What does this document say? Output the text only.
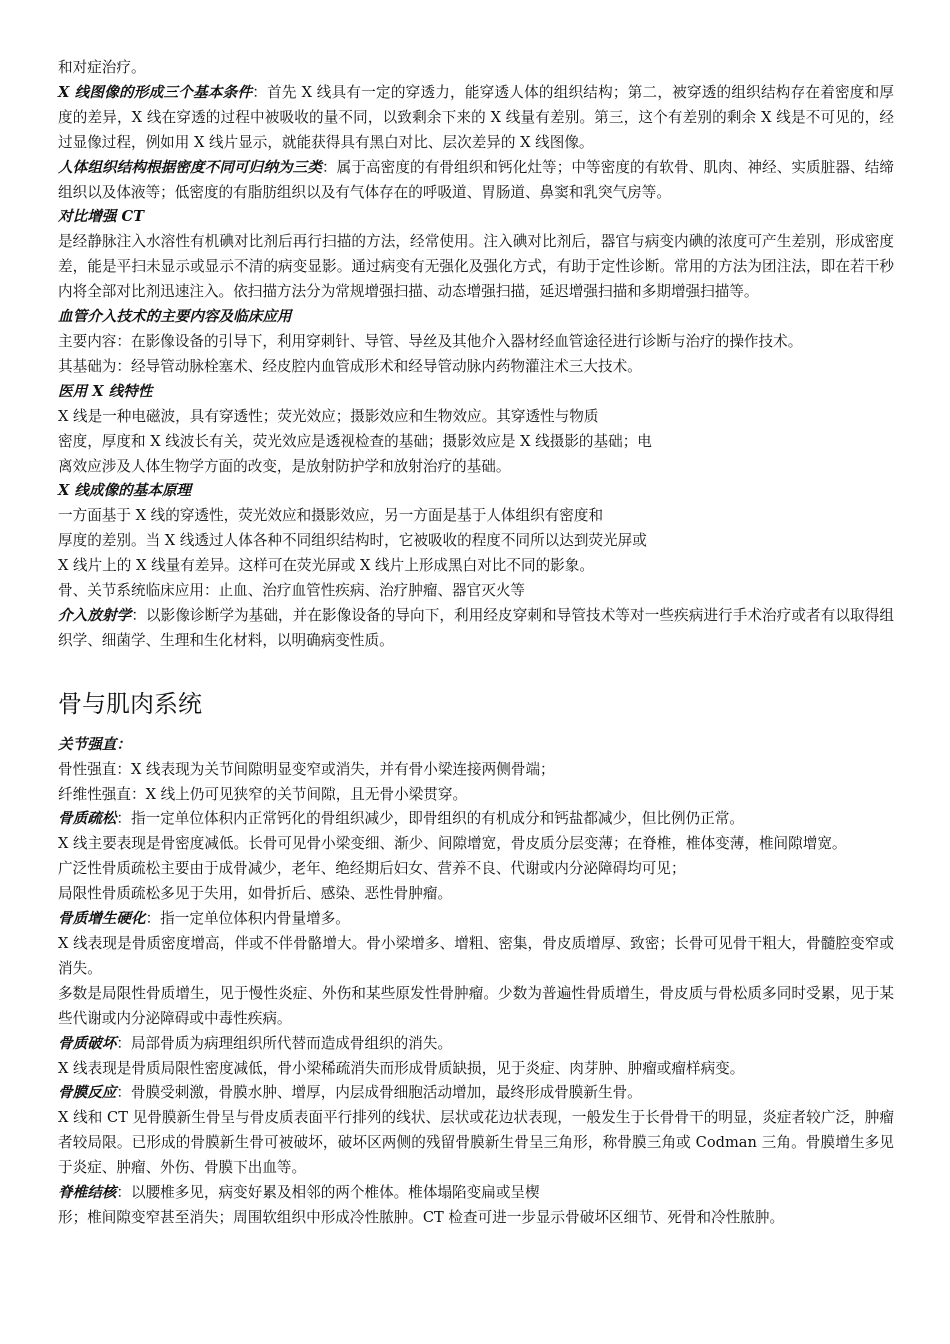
和对症治疗。

X 线图像的形成三个基本条件：首先 X 线具有一定的穿透力，能穿透人体的组织结构；第二，被穿透的组织结构存在着密度和厚度的差异，X 线在穿透的过程中被吸收的量不同，以致剩余下来的 X 线量有差别。第三，这个有差别的剩余 X 线是不可见的，经过显像过程，例如用 X 线片显示，就能获得具有黑白对比、层次差异的 X 线图像。

人体组织结构根据密度不同可归纳为三类：属于高密度的有骨组织和钙化灶等；中等密度的有软骨、肌肉、神经、实质脏器、结缔组织以及体液等；低密度的有脂肪组织以及有气体存在的呼吸道、胃肠道、鼻窦和乳突气房等。

对比增强 CT

是经静脉注入水溶性有机碘对比剂后再行扫描的方法，经常使用。注入碘对比剂后，器官与病变内碘的浓度可产生差别，形成密度差，能是平扫未显示或显示不清的病变显影。通过病变有无强化及强化方式，有助于定性诊断。常用的方法为团注法，即在若干秒内将全部对比剂迅速注入。依扫描方法分为常规增强扫描、动态增强扫描，延迟增强扫描和多期增强扫描等。

血管介入技术的主要内容及临床应用

主要内容：在影像设备的引导下，利用穿刺针、导管、导丝及其他介入器材经血管途径进行诊断与治疗的操作技术。

其基础为：经导管动脉栓塞术、经皮腔内血管成形术和经导管动脉内药物灌注术三大技术。

医用 X 线特性

X 线是一种电磁波，具有穿透性；荧光效应；摄影效应和生物效应。其穿透性与物质

密度，厚度和 X 线波长有关，荧光效应是透视检查的基础；摄影效应是 X 线摄影的基础；电

离效应涉及人体生物学方面的改变，是放射防护学和放射治疗的基础。

X 线成像的基本原理

一方面基于 X 线的穿透性，荧光效应和摄影效应，另一方面是基于人体组织有密度和

厚度的差别。当 X 线透过人体各种不同组织结构时，它被吸收的程度不同所以达到荧光屏或

X 线片上的 X 线量有差异。这样可在荧光屏或 X 线片上形成黑白对比不同的影象。

骨、关节系统临床应用：止血、治疗血管性疾病、治疗肿瘤、器官灭火等

介入放射学：以影像诊断学为基础，并在影像设备的导向下，利用经皮穿刺和导管技术等对一些疾病进行手术治疗或者有以取得组织学、细菌学、生理和生化材料，以明确病变性质。

骨与肌肉系统

关节强直：

骨性强直：X 线表现为关节间隙明显变窄或消失，并有骨小梁连接两侧骨端；

纤维性强直：X 线上仍可见狭窄的关节间隙，且无骨小梁贯穿。

骨质疏松：指一定单位体积内正常钙化的骨组织减少，即骨组织的有机成分和钙盐都减少，但比例仍正常。

X 线主要表现是骨密度减低。长骨可见骨小梁变细、渐少、间隙增宽，骨皮质分层变薄；在脊椎，椎体变薄，椎间隙增宽。

广泛性骨质疏松主要由于成骨减少，老年、绝经期后妇女、营养不良、代谢或内分泌障碍均可见；

局限性骨质疏松多见于失用，如骨折后、感染、恶性骨肿瘤。

骨质增生硬化：指一定单位体积内骨量增多。

X 线表现是骨质密度增高，伴或不伴骨骼增大。骨小梁增多、增粗、密集，骨皮质增厚、致密；长骨可见骨干粗大，骨髓腔变窄或消失。

多数是局限性骨质增生，见于慢性炎症、外伤和某些原发性骨肿瘤。少数为普遍性骨质增生，骨皮质与骨松质多同时受累，见于某些代谢或内分泌障碍或中毒性疾病。

骨质破坏：局部骨质为病理组织所代替而造成骨组织的消失。

X 线表现是骨质局限性密度减低，骨小梁稀疏消失而形成骨质缺损，见于炎症、肉芽肿、肿瘤或瘤样病变。

骨膜反应：骨膜受刺激，骨膜水肿、增厚，内层成骨细胞活动增加，最终形成骨膜新生骨。

X 线和 CT 见骨膜新生骨呈与骨皮质表面平行排列的线状、层状或花边状表现，一般发生于长骨骨干的明显，炎症者较广泛，肿瘤者较局限。已形成的骨膜新生骨可被破坏，破坏区两侧的残留骨膜新生骨呈三角形，称骨膜三角或 Codman 三角。骨膜增生多见于炎症、肿瘤、外伤、骨膜下出血等。

脊椎结核：以腰椎多见，病变好累及相邻的两个椎体。椎体塌陷变扁或呈楔

形；椎间隙变窄甚至消失；周围软组织中形成冷性脓肿。CT 检查可进一步显示骨破坏区细节、死骨和冷性脓肿。
